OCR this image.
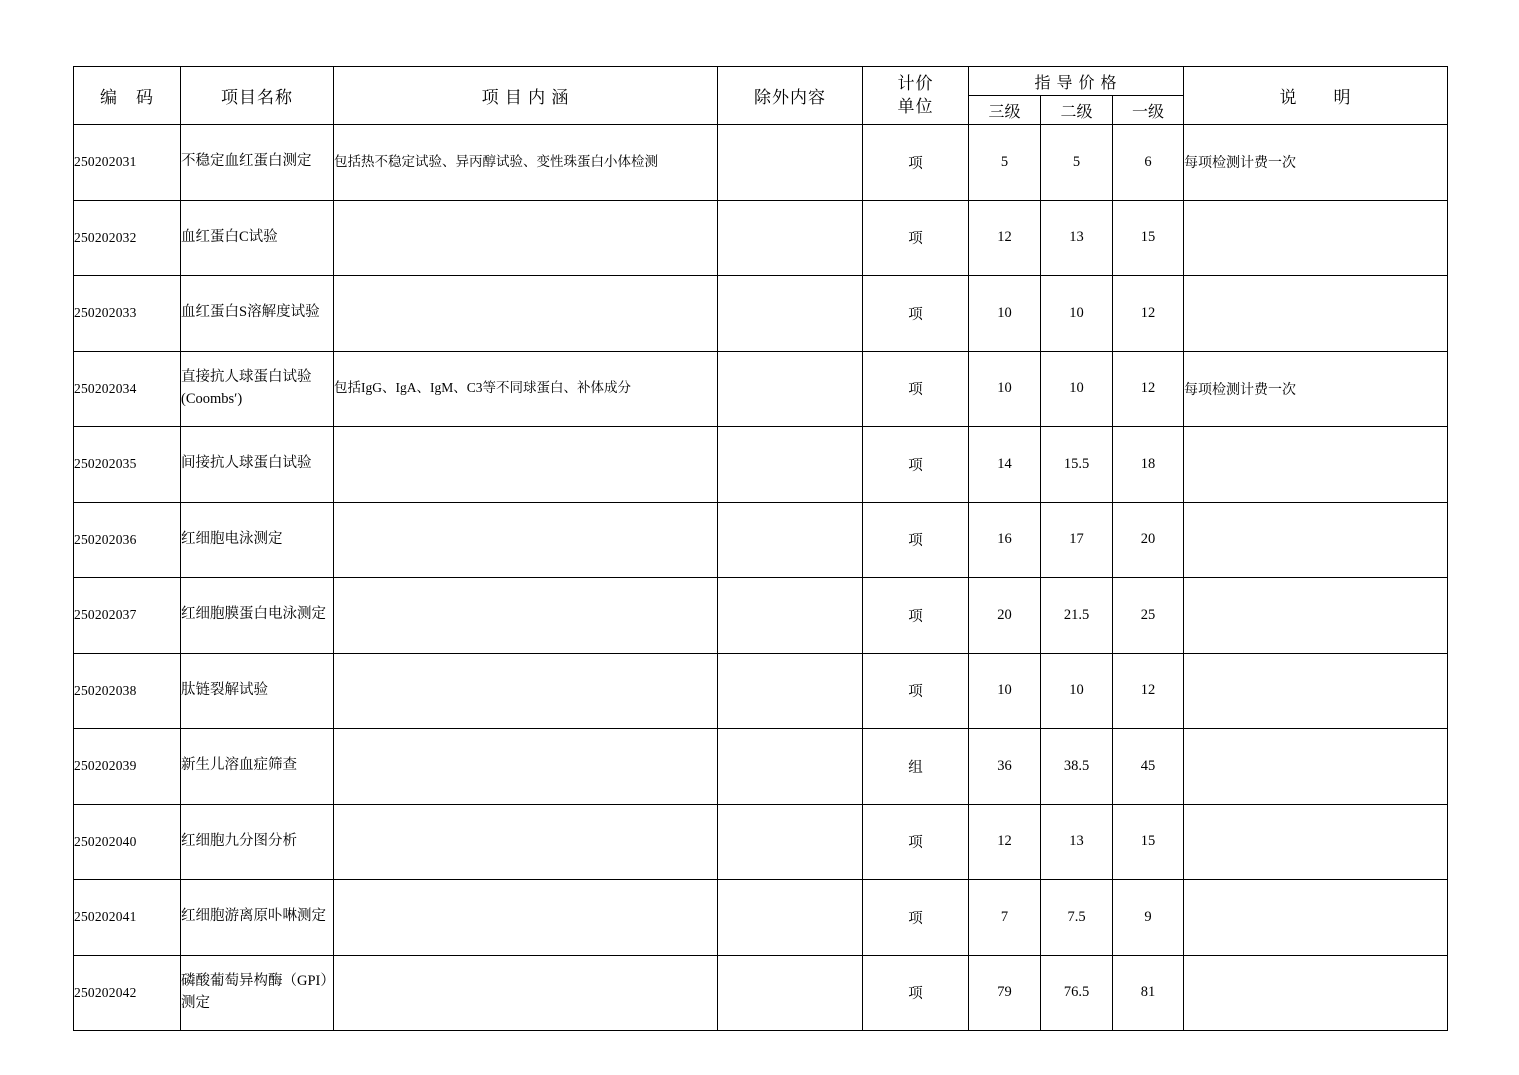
编　码	项目名称	项 目 内 涵	除外内容	计价
单位	指 导 价 格			说　　明
					三级	二级	一级	
250202031	不稳定血红蛋白测定	包括热不稳定试验、异丙醇试验、变性珠蛋白小体检测		项	5	5	6	每项检测计费一次
250202032	血红蛋白C试验			项	12	13	15	
250202033	血红蛋白S溶解度试验			项	10	10	12	
250202034	直接抗人球蛋白试验(Coombs′)	包括IgG、IgA、IgM、C3等不同球蛋白、补体成分		项	10	10	12	每项检测计费一次
250202035	间接抗人球蛋白试验			项	14	15.5	18	
250202036	红细胞电泳测定			项	16	17	20	
250202037	红细胞膜蛋白电泳测定			项	20	21.5	25	
250202038	肽链裂解试验			项	10	10	12	
250202039	新生儿溶血症筛查			组	36	38.5	45	
250202040	红细胞九分图分析			项	12	13	15	
250202041	红细胞游离原卟啉测定			项	7	7.5	9	
250202042	磷酸葡萄异构酶（GPI）测定			项	79	76.5	81	
